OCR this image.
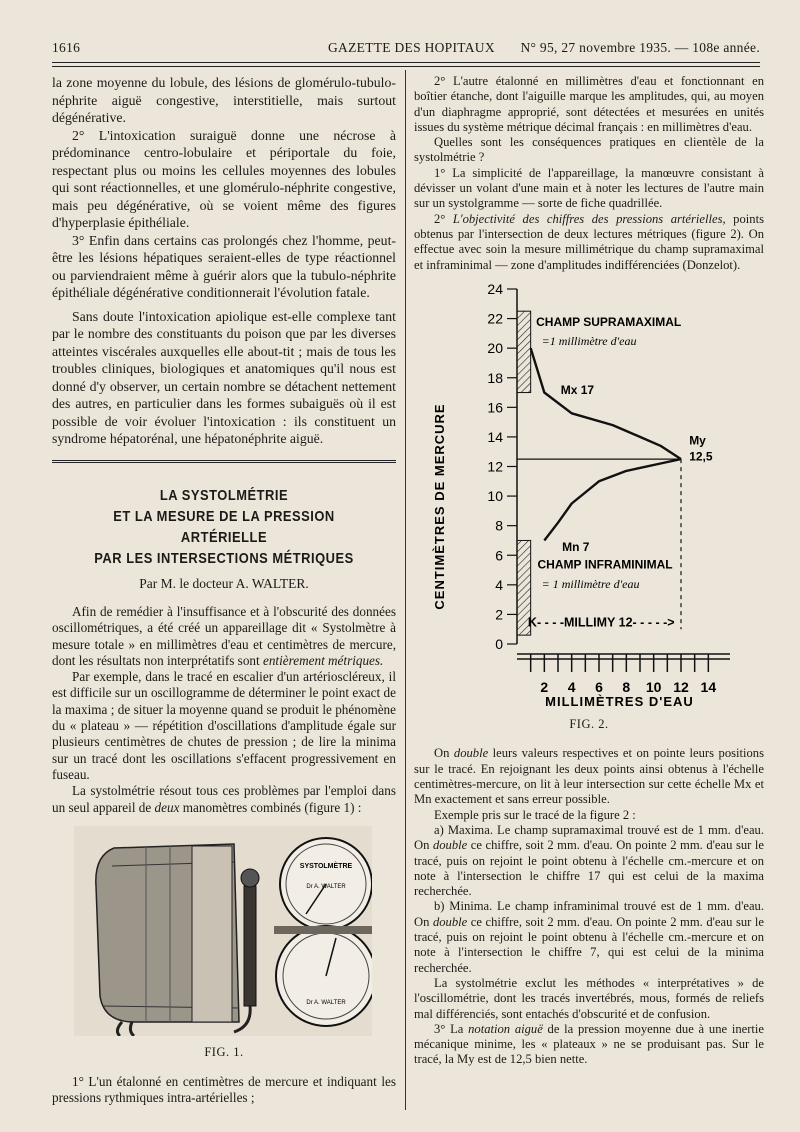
1616	GAZETTE DES HOPITAUX N° 95, 27 novembre 1935. — 108e année.

la zone moyenne du lobule, des lésions de glomérulo-tubulo-néphrite aiguë congestive, interstitielle, mais surtout dégénérative.

2° L'intoxication suraiguë donne une nécrose à prédominance centro-lobulaire et périportale du foie, respectant plus ou moins les cellules moyennes des lobules qui sont réactionnelles, et une glomérulo-néphrite congestive, mais peu dégénérative, où se voient même des figures d'hyperplasie épithéliale.

3° Enfin dans certains cas prolongés chez l'homme, peut-être les lésions hépatiques seraient-elles de type réactionnel ou parviendraient même à guérir alors que la tubulo-néphrite épithéliale dégénérative conditionnerait l'évolution fatale.

Sans doute l'intoxication apiolique est-elle complexe tant par le nombre des constituants du poison que par les diverses atteintes viscérales auxquelles elle about-tit ; mais de tous les troubles cliniques, biologiques et anatomiques qu'il nous est donné d'y observer, un certain nombre se détachent nettement des autres, en particulier dans les formes subaiguës où il est possible de voir évoluer l'intoxication : ils constituent un syndrome hépatorénal, une hépatonéphrite aiguë.

LA SYSTOLMÉTRIE
ET LA MESURE DE LA PRESSION ARTÉRIELLE
PAR LES INTERSECTIONS MÉTRIQUES
Par M. le docteur A. WALTER.

Afin de remédier à l'insuffisance et à l'obscurité des données oscillométriques, a été créé un appareillage dit « Systolmètre à mesure totale » en millimètres d'eau et centimètres de mercure, dont les résultats non interprétatifs sont entièrement métriques.

Par exemple, dans le tracé en escalier d'un artérioscléreux, il est difficile sur un oscillogramme de déterminer le point exact de la maxima ; de situer la moyenne quand se produit le phénomène du « plateau » — répétition d'oscillations d'amplitude égale sur plusieurs centimètres de chutes de pression ; de lire la minima sur un tracé dont les oscillations s'effacent progressivement en fuseau.

La systolmétrie résout tous ces problèmes par l'emploi dans un seul appareil de deux manomètres combinés (figure 1) :

SYSTOLMÈTRE
Dr A. WALTER
Dr A. WALTER
FIG. 1.

1° L'un étalonné en centimètres de mercure et indiquant les pressions rythmiques intra-artérielles ;

2° L'autre étalonné en millimètres d'eau et fonctionnant en boîtier étanche, dont l'aiguille marque les amplitudes, qui, au moyen d'un diaphragme approprié, sont détectées et mesurées en unités issues du système métrique décimal français : en millimètres d'eau.

Quelles sont les conséquences pratiques en clientèle de la systolmétrie ?

1° La simplicité de l'appareillage, la manœuvre consistant à dévisser un volant d'une main et à noter les lectures de l'autre main sur un systolgramme — sorte de fiche quadrillée.

2° L'objectivité des chiffres des pressions artérielles, points obtenus par l'intersection de deux lectures métriques (figure 2). On effectue avec soin la mesure millimétrique du champ supramaximal et inframinimal — zone d'amplitudes indifférenciées (Donzelot).

CENTIMÈTRES DE MERCURE
MILLIMÈTRES D'EAU
0
2
4
6
8
10
12
14
16
18
20
22
24
2 4 6 8 10 12 14
CHAMP SUPRAMAXIMAL
=1 millimètre d'eau
Mx 17
My
12,5
Mn 7
CHAMP INFRAMINIMAL
= 1 millimètre d'eau
K- - - -MILLIMY 12- - - - ->
FIG. 2.

On double leurs valeurs respectives et on pointe leurs positions sur le tracé. En rejoignant les deux points ainsi obtenus à l'échelle centimètres-mercure, on lit à leur intersection sur cette échelle Mx et Mn exactement et sans erreur possible.

Exemple pris sur le tracé de la figure 2 :

a) Maxima. Le champ supramaximal trouvé est de 1 mm. d'eau. On double ce chiffre, soit 2 mm. d'eau. On pointe 2 mm. d'eau sur le tracé, puis on rejoint le point obtenu à l'échelle cm.-mercure et on note à l'intersection le chiffre 17 qui est celui de la maxima recherchée.

b) Minima. Le champ inframinimal trouvé est de 1 mm. d'eau. On double ce chiffre, soit 2 mm. d'eau. On pointe 2 mm. d'eau sur le tracé, puis on rejoint le point obtenu à l'échelle cm.-mercure et on note à l'intersection le chiffre 7, qui est celui de la minima recherchée.

La systolmétrie exclut les méthodes « interprétatives » de l'oscillométrie, dont les tracés invertébrés, mous, formés de reliefs mal différenciés, sont entachés d'obscurité et de confusion.

3° La notation aiguë de la pression moyenne due à une inertie mécanique minime, les « plateaux » ne se produisant pas. Sur le tracé, la My est de 12,5 bien nette.
